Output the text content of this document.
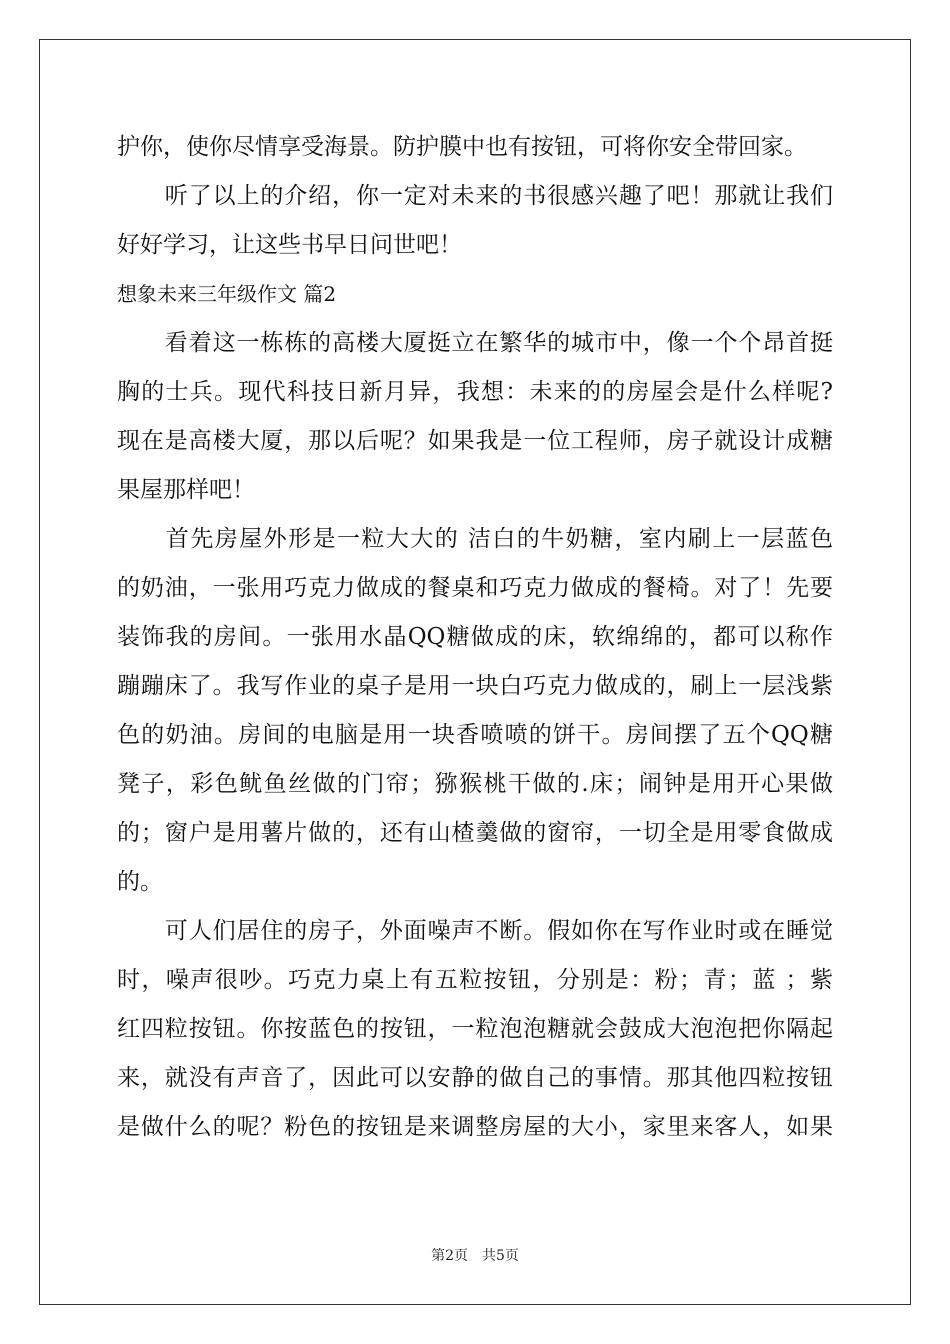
护你，使你尽情享受海景。防护膜中也有按钮，可将你安全带回家。
　　听了以上的介绍，你一定对未来的书很感兴趣了吧！那就让我们
好好学习，让这些书早日问世吧！
想象未来三年级作文 篇2
　　看着这一栋栋的高楼大厦挺立在繁华的城市中，像一个个昂首挺
胸的士兵。现代科技日新月异，我想：未来的的房屋会是什么样呢?
现在是高楼大厦，那以后呢？如果我是一位工程师，房子就设计成糖
果屋那样吧！
　　首先房屋外形是一粒大大的 洁白的牛奶糖，室内刷上一层蓝色
的奶油，一张用巧克力做成的餐桌和巧克力做成的餐椅。对了！先要
装饰我的房间。一张用水晶QQ糖做成的床，软绵绵的，都可以称作
蹦蹦床了。我写作业的桌子是用一块白巧克力做成的，刷上一层浅紫
色的奶油。房间的电脑是用一块香喷喷的饼干。房间摆了五个QQ糖
凳子，彩色鱿鱼丝做的门帘；猕猴桃干做的.床；闹钟是用开心果做
的；窗户是用薯片做的，还有山楂羹做的窗帘，一切全是用零食做成
的。
　　可人们居住的房子，外面噪声不断。假如你在写作业时或在睡觉
时，噪声很吵。巧克力桌上有五粒按钮，分别是：粉；青；蓝 ；紫
红四粒按钮。你按蓝色的按钮，一粒泡泡糖就会鼓成大泡泡把你隔起
来，就没有声音了，因此可以安静的做自己的事情。那其他四粒按钮
是做什么的呢？粉色的按钮是来调整房屋的大小，家里来客人，如果
第2页　共5页
